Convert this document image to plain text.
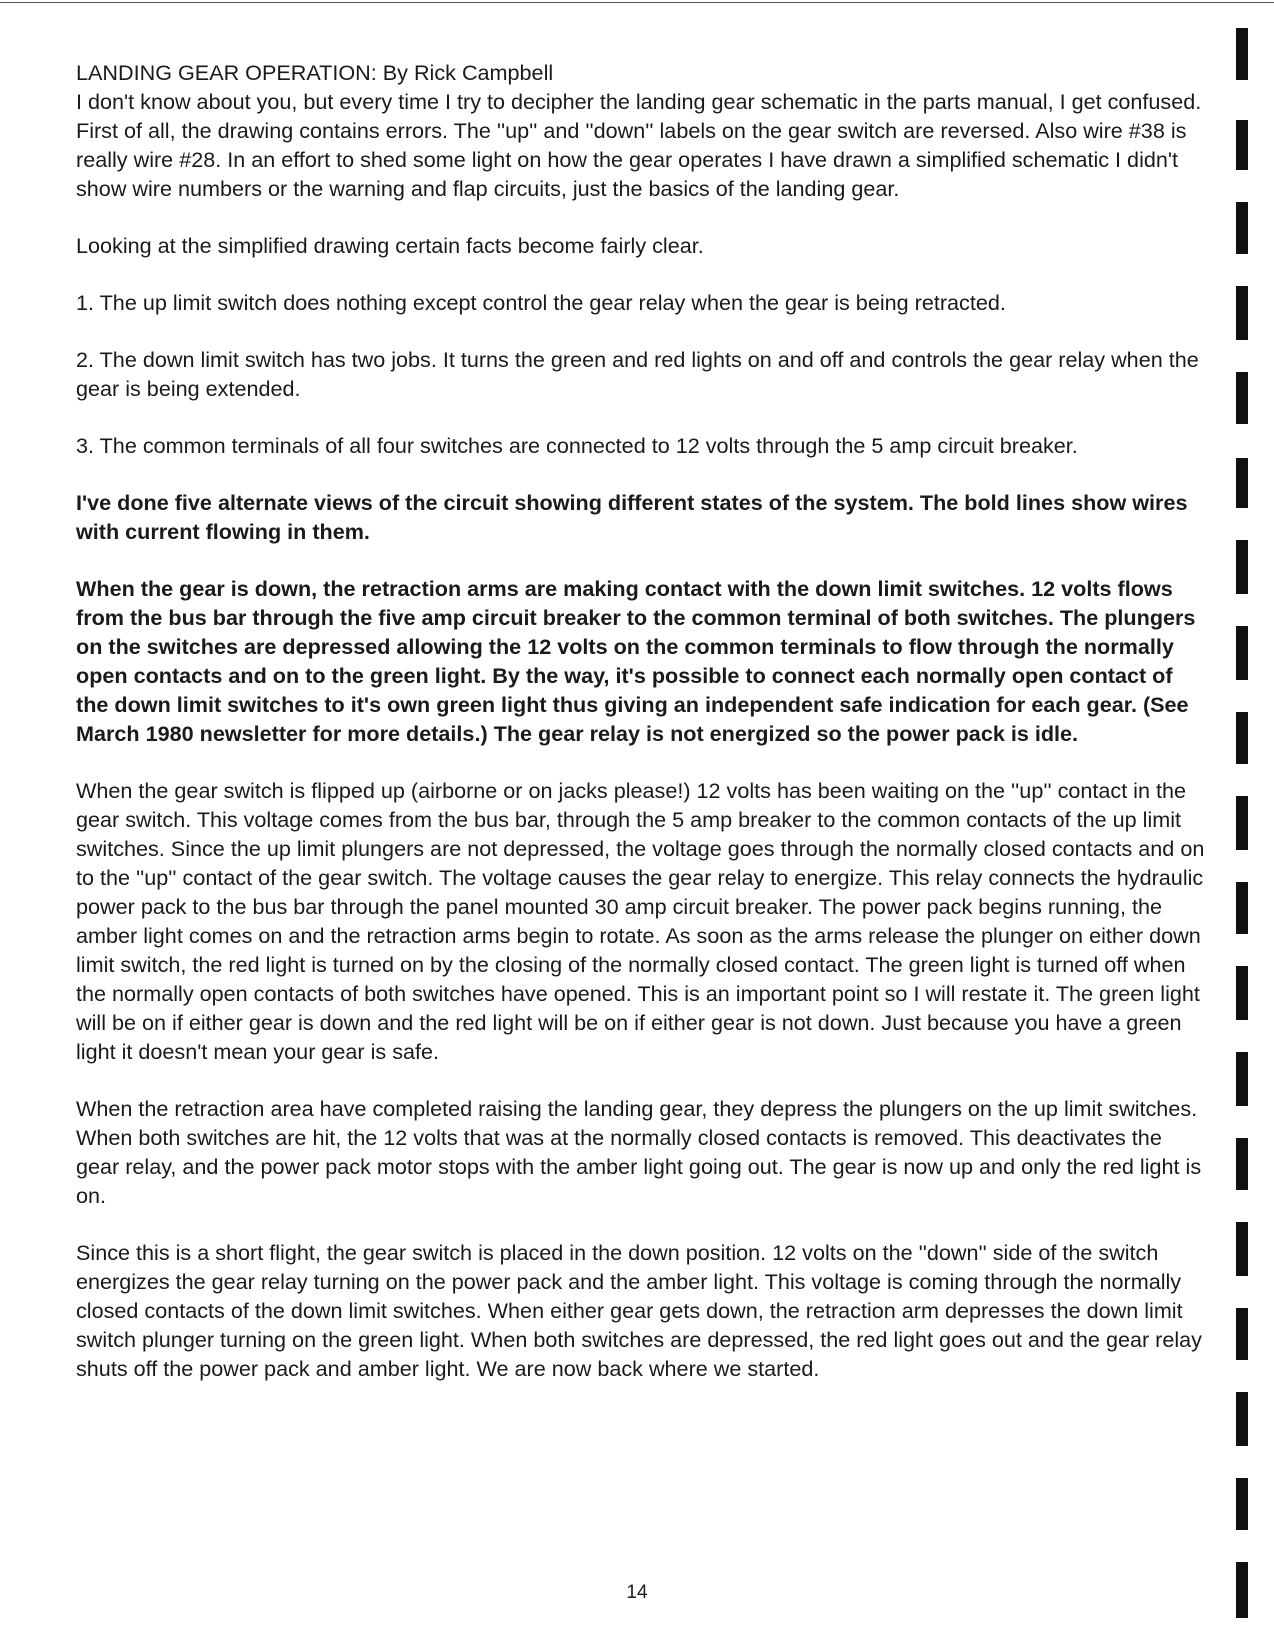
LANDING GEAR OPERATION: By Rick Campbell

I don't know about you, but every time I try to decipher the landing gear schematic in the parts manual, I get confused. First of all, the drawing contains errors. The ''up'' and ''down'' labels on the gear switch are reversed. Also wire #38 is really wire #28. In an effort to shed some light on how the gear operates I have drawn a simplified schematic I didn't show wire numbers or the warning and flap circuits, just the basics of the landing gear.

Looking at the simplified drawing certain facts become fairly clear.

1. The up limit switch does nothing except control the gear relay when the gear is being retracted.

2. The down limit switch has two jobs. It turns the green and red lights on and off and controls the gear relay when the gear is being extended.

3. The common terminals of all four switches are connected to 12 volts through the 5 amp circuit breaker.

I've done five alternate views of the circuit showing different states of the system. The bold lines show wires with current flowing in them.

When the gear is down, the retraction arms are making contact with the down limit switches. 12 volts flows from the bus bar through the five amp circuit breaker to the common terminal of both switches. The plungers on the switches are depressed allowing the 12 volts on the common terminals to flow through the normally open contacts and on to the green light. By the way, it's possible to connect each normally open contact of the down limit switches to it's own green light thus giving an independent safe indication for each gear. (See March 1980 newsletter for more details.) The gear relay is not energized so the power pack is idle.

When the gear switch is flipped up (airborne or on jacks please!) 12 volts has been waiting on the ''up'' contact in the gear switch. This voltage comes from the bus bar, through the 5 amp breaker to the common contacts of the up limit switches. Since the up limit plungers are not depressed, the voltage goes through the normally closed contacts and on to the ''up'' contact of the gear switch. The voltage causes the gear relay to energize. This relay connects the hydraulic power pack to the bus bar through the panel mounted 30 amp circuit breaker. The power pack begins running, the amber light comes on and the retraction arms begin to rotate. As soon as the arms release the plunger on either down limit switch, the red light is turned on by the closing of the normally closed contact. The green light is turned off when the normally open contacts of both switches have opened. This is an important point so I will restate it. The green light will be on if either gear is down and the red light will be on if either gear is not down. Just because you have a green light it doesn't mean your gear is safe.

When the retraction area have completed raising the landing gear, they depress the plungers on the up limit switches. When both switches are hit, the 12 volts that was at the normally closed contacts is removed. This deactivates the gear relay, and the power pack motor stops with the amber light going out. The gear is now up and only the red light is on.

Since this is a short flight, the gear switch is placed in the down position. 12 volts on the ''down'' side of the switch energizes the gear relay turning on the power pack and the amber light. This voltage is coming through the normally closed contacts of the down limit switches. When either gear gets down, the retraction arm depresses the down limit switch plunger turning on the green light. When both switches are depressed, the red light goes out and the gear relay shuts off the power pack and amber light. We are now back where we started.

14
